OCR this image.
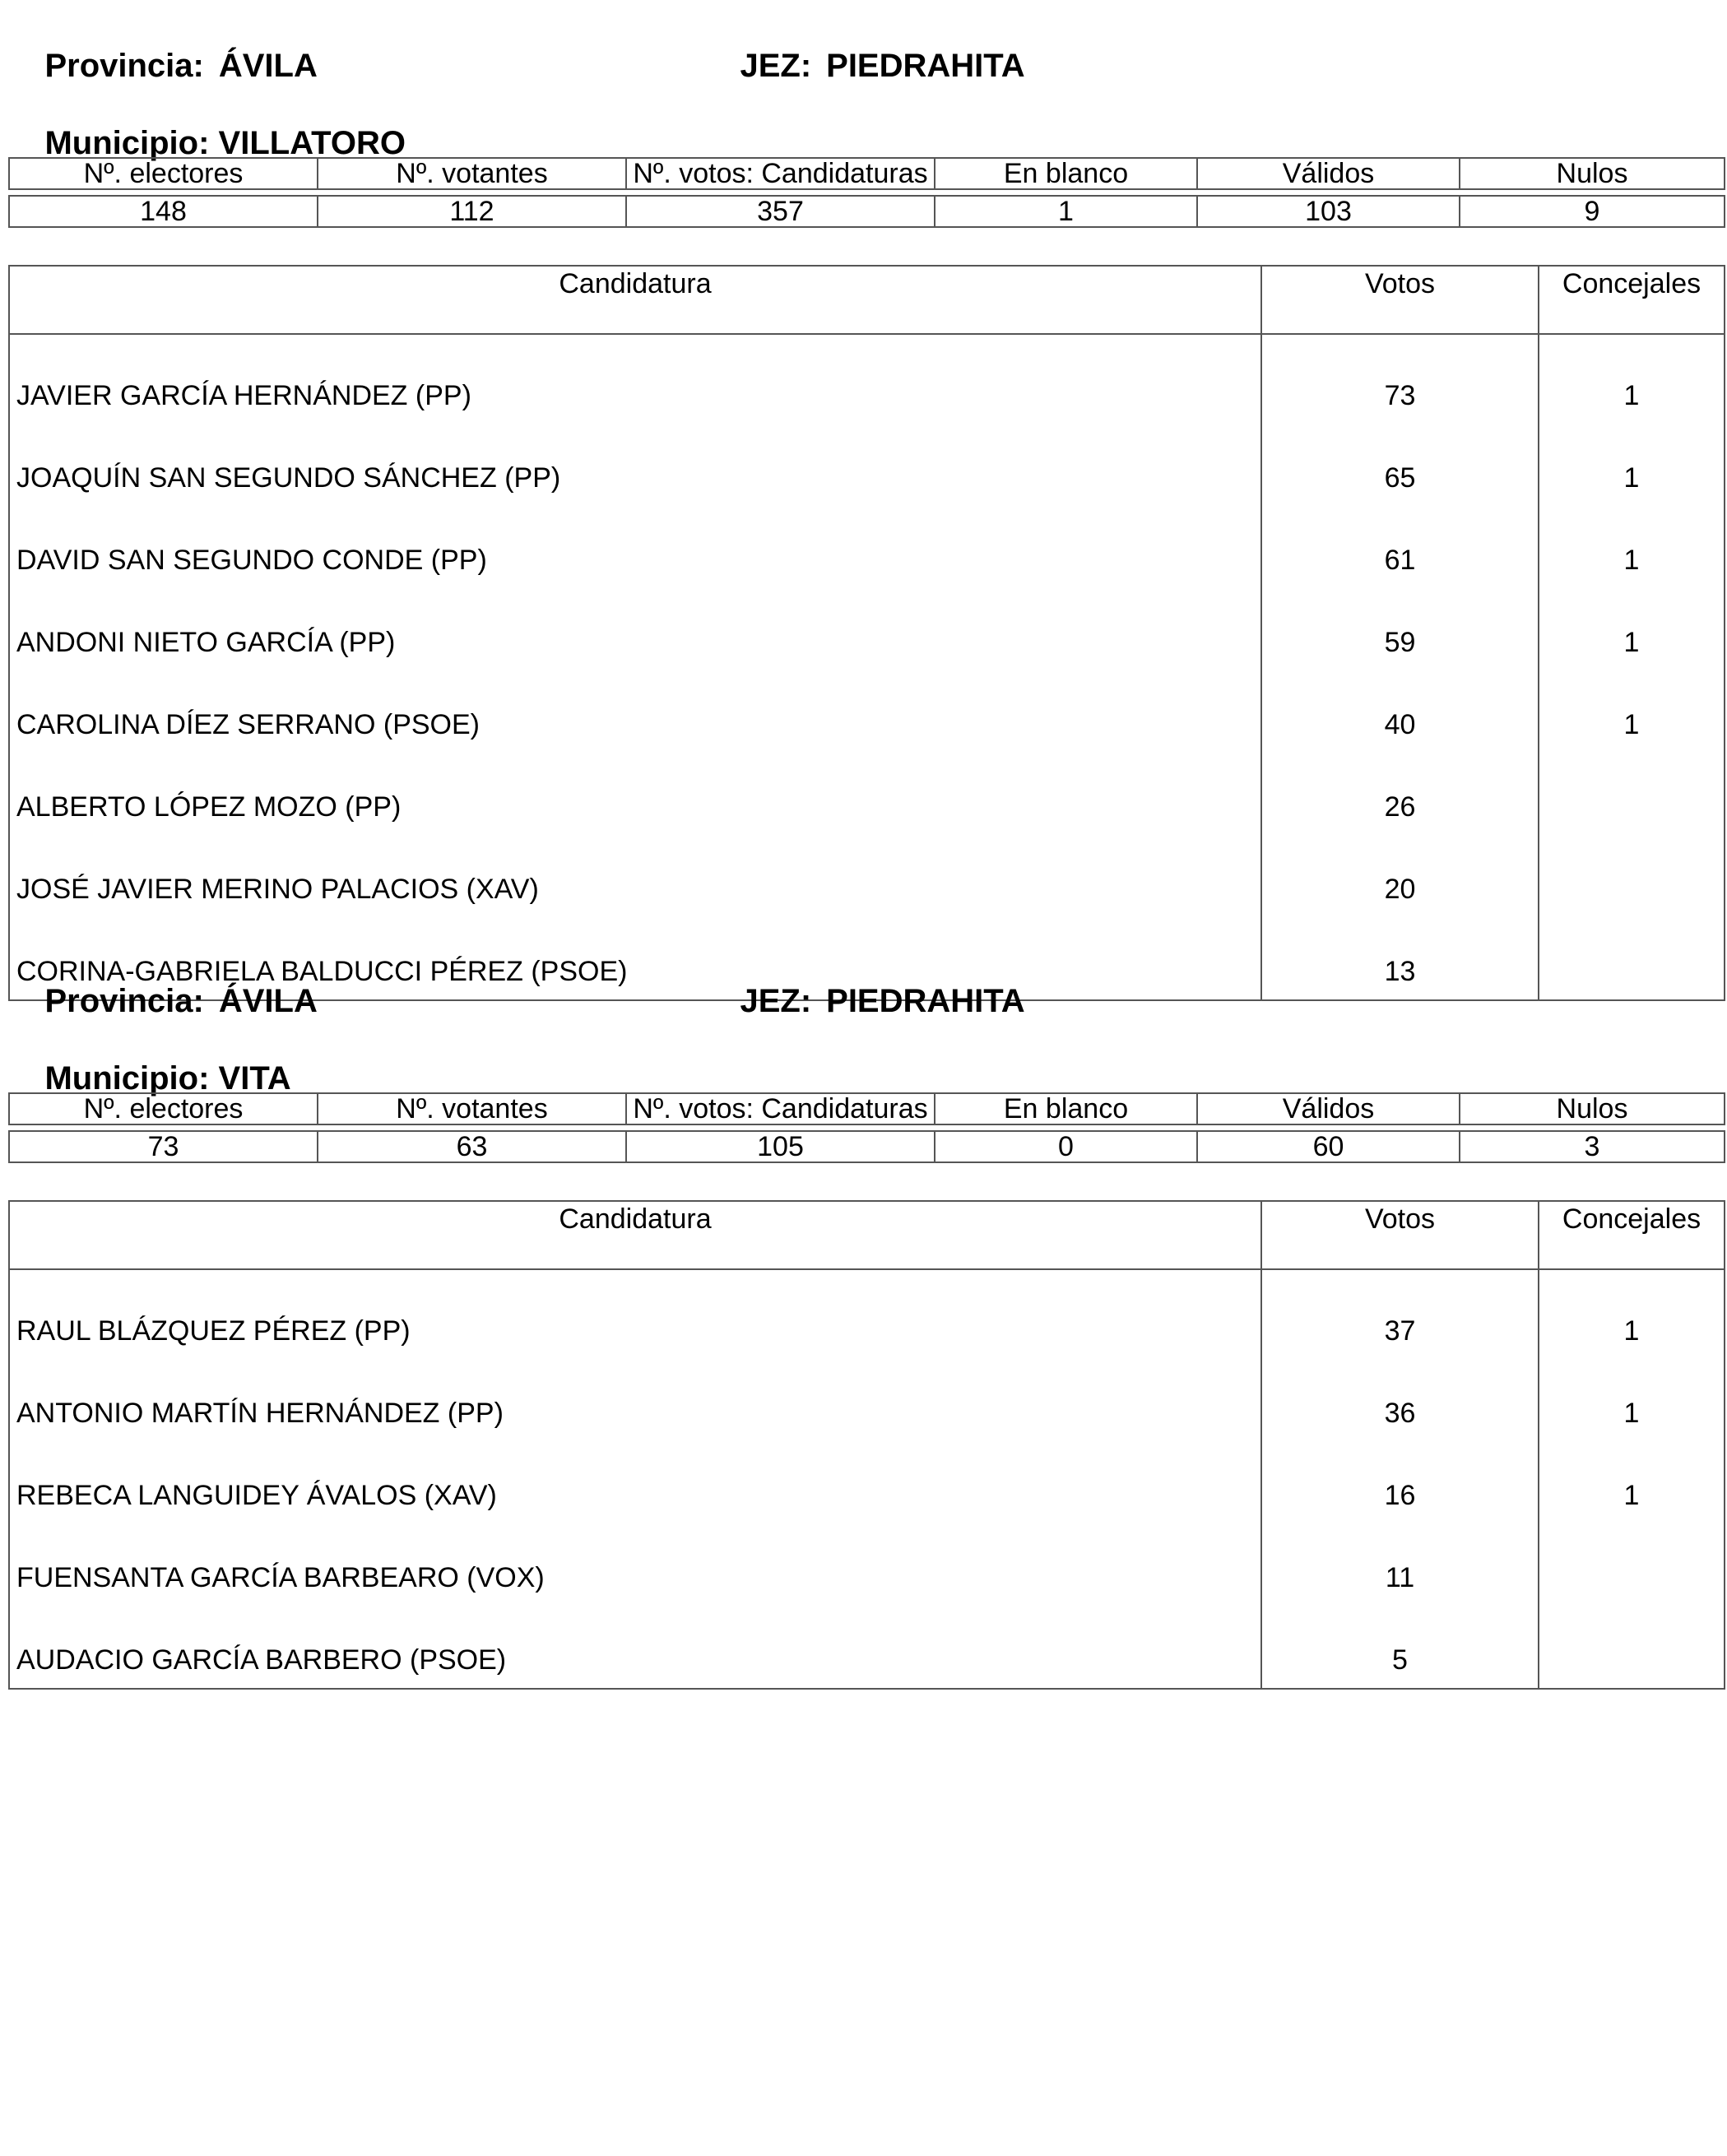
Provincia: ÁVILA
	JEZ: PIEDRAHITA

Municipio: VILLATORO

Nº. electores	Nº. votantes	Nº. votos: Candidaturas	En blanco	Válidos	Nulos

148	112	357	1	103	9
Candidatura	Votos	Concejales
JAVIER GARCÍA HERNÁNDEZ (PP)	73	1
JOAQUÍN SAN SEGUNDO SÁNCHEZ (PP)	65	1
DAVID SAN SEGUNDO CONDE (PP)	61	1
ANDONI NIETO GARCÍA (PP)	59	1
CAROLINA DÍEZ SERRANO (PSOE)	40	1
ALBERTO LÓPEZ MOZO (PP)	26	
JOSÉ JAVIER MERINO PALACIOS (XAV)	20	
CORINA-GABRIELA BALDUCCI PÉREZ (PSOE)	13	

Provincia: ÁVILA
	JEZ: PIEDRAHITA

Municipio: VITA

Nº. electores	Nº. votantes	Nº. votos: Candidaturas	En blanco	Válidos	Nulos

73	63	105	0	60	3
Candidatura	Votos	Concejales
RAUL BLÁZQUEZ PÉREZ (PP)	37	1
ANTONIO MARTÍN HERNÁNDEZ (PP)	36	1
REBECA LANGUIDEY ÁVALOS (XAV)	16	1
FUENSANTA GARCÍA BARBEARO (VOX)	11	
AUDACIO GARCÍA BARBERO (PSOE)	5	
